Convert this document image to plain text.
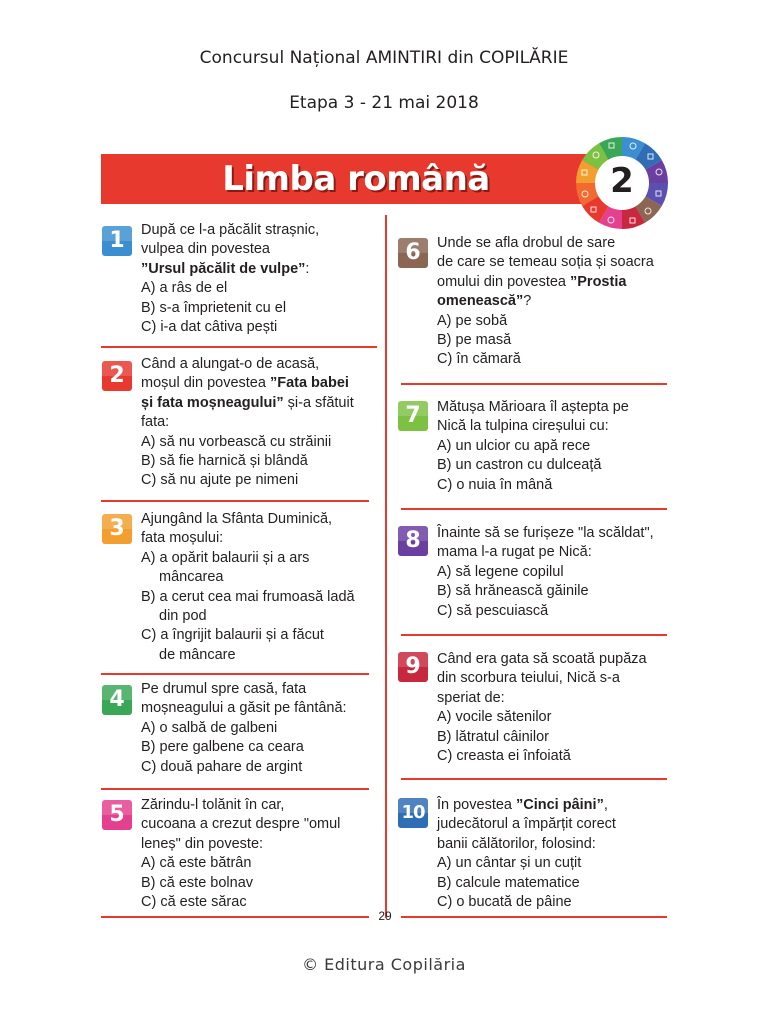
Concursul Național AMINTIRI din COPILĂRIE
Etapa 3 - 21 mai 2018
Limba română	2
1	După ce l-a păcălit strașnic,

vulpea din povestea

”Ursul păcălit de vulpe”:

A) a râs de el

B) s-a împrietenit cu el

C) i-a dat câtiva pești

2	Când a alungat-o de acasă,

moșul din povestea ”Fata babei

și fata moșneagului” și-a sfătuit

fata:

A) să nu vorbească cu străinii

B) să fie harnică și blândă

C) să nu ajute pe nimeni

3	Ajungând la Sfânta Duminică,

fata moșului:

A) a opărit balaurii și a ars

mâncarea

B) a cerut cea mai frumoasă ladă

din pod

C) a îngrijit balaurii și a făcut

de mâncare

4	Pe drumul spre casă, fata

moșneagului a găsit pe fântână:

A) o salbă de galbeni

B) pere galbene ca ceara

C) două pahare de argint

5	Zărindu-l tolănit în car,

cucoana a crezut despre "omul

leneș" din poveste:

A) că este bătrân

B) că este bolnav

C) că este sărac

6	Unde se afla drobul de sare

de care se temeau soția și soacra

omului din povestea ”Prostia

omenească”?

A) pe sobă

B) pe masă

C) în cămară

7	Mătușa Mărioara îl aștepta pe

Nică la tulpina cireșului cu:

A) un ulcior cu apă rece

B) un castron cu dulceață

C) o nuia în mână

8	Înainte să se furișeze "la scăldat",

mama l-a rugat pe Nică:

A) să legene copilul

B) să hrănească găinile

C) să pescuiască

9	Când era gata să scoată pupăza

din scorbura teiului, Nică s-a

speriat de:

A) vocile sătenilor

B) lătratul câinilor

C) creasta ei înfoiată

10 În povestea ”Cinci pâini”,

judecătorul a împărțit corect

banii călătorilor, folosind:

A) un cântar și un cuțit

B) calcule matematice

C) o bucată de pâine

29
© Editura Copilăria
